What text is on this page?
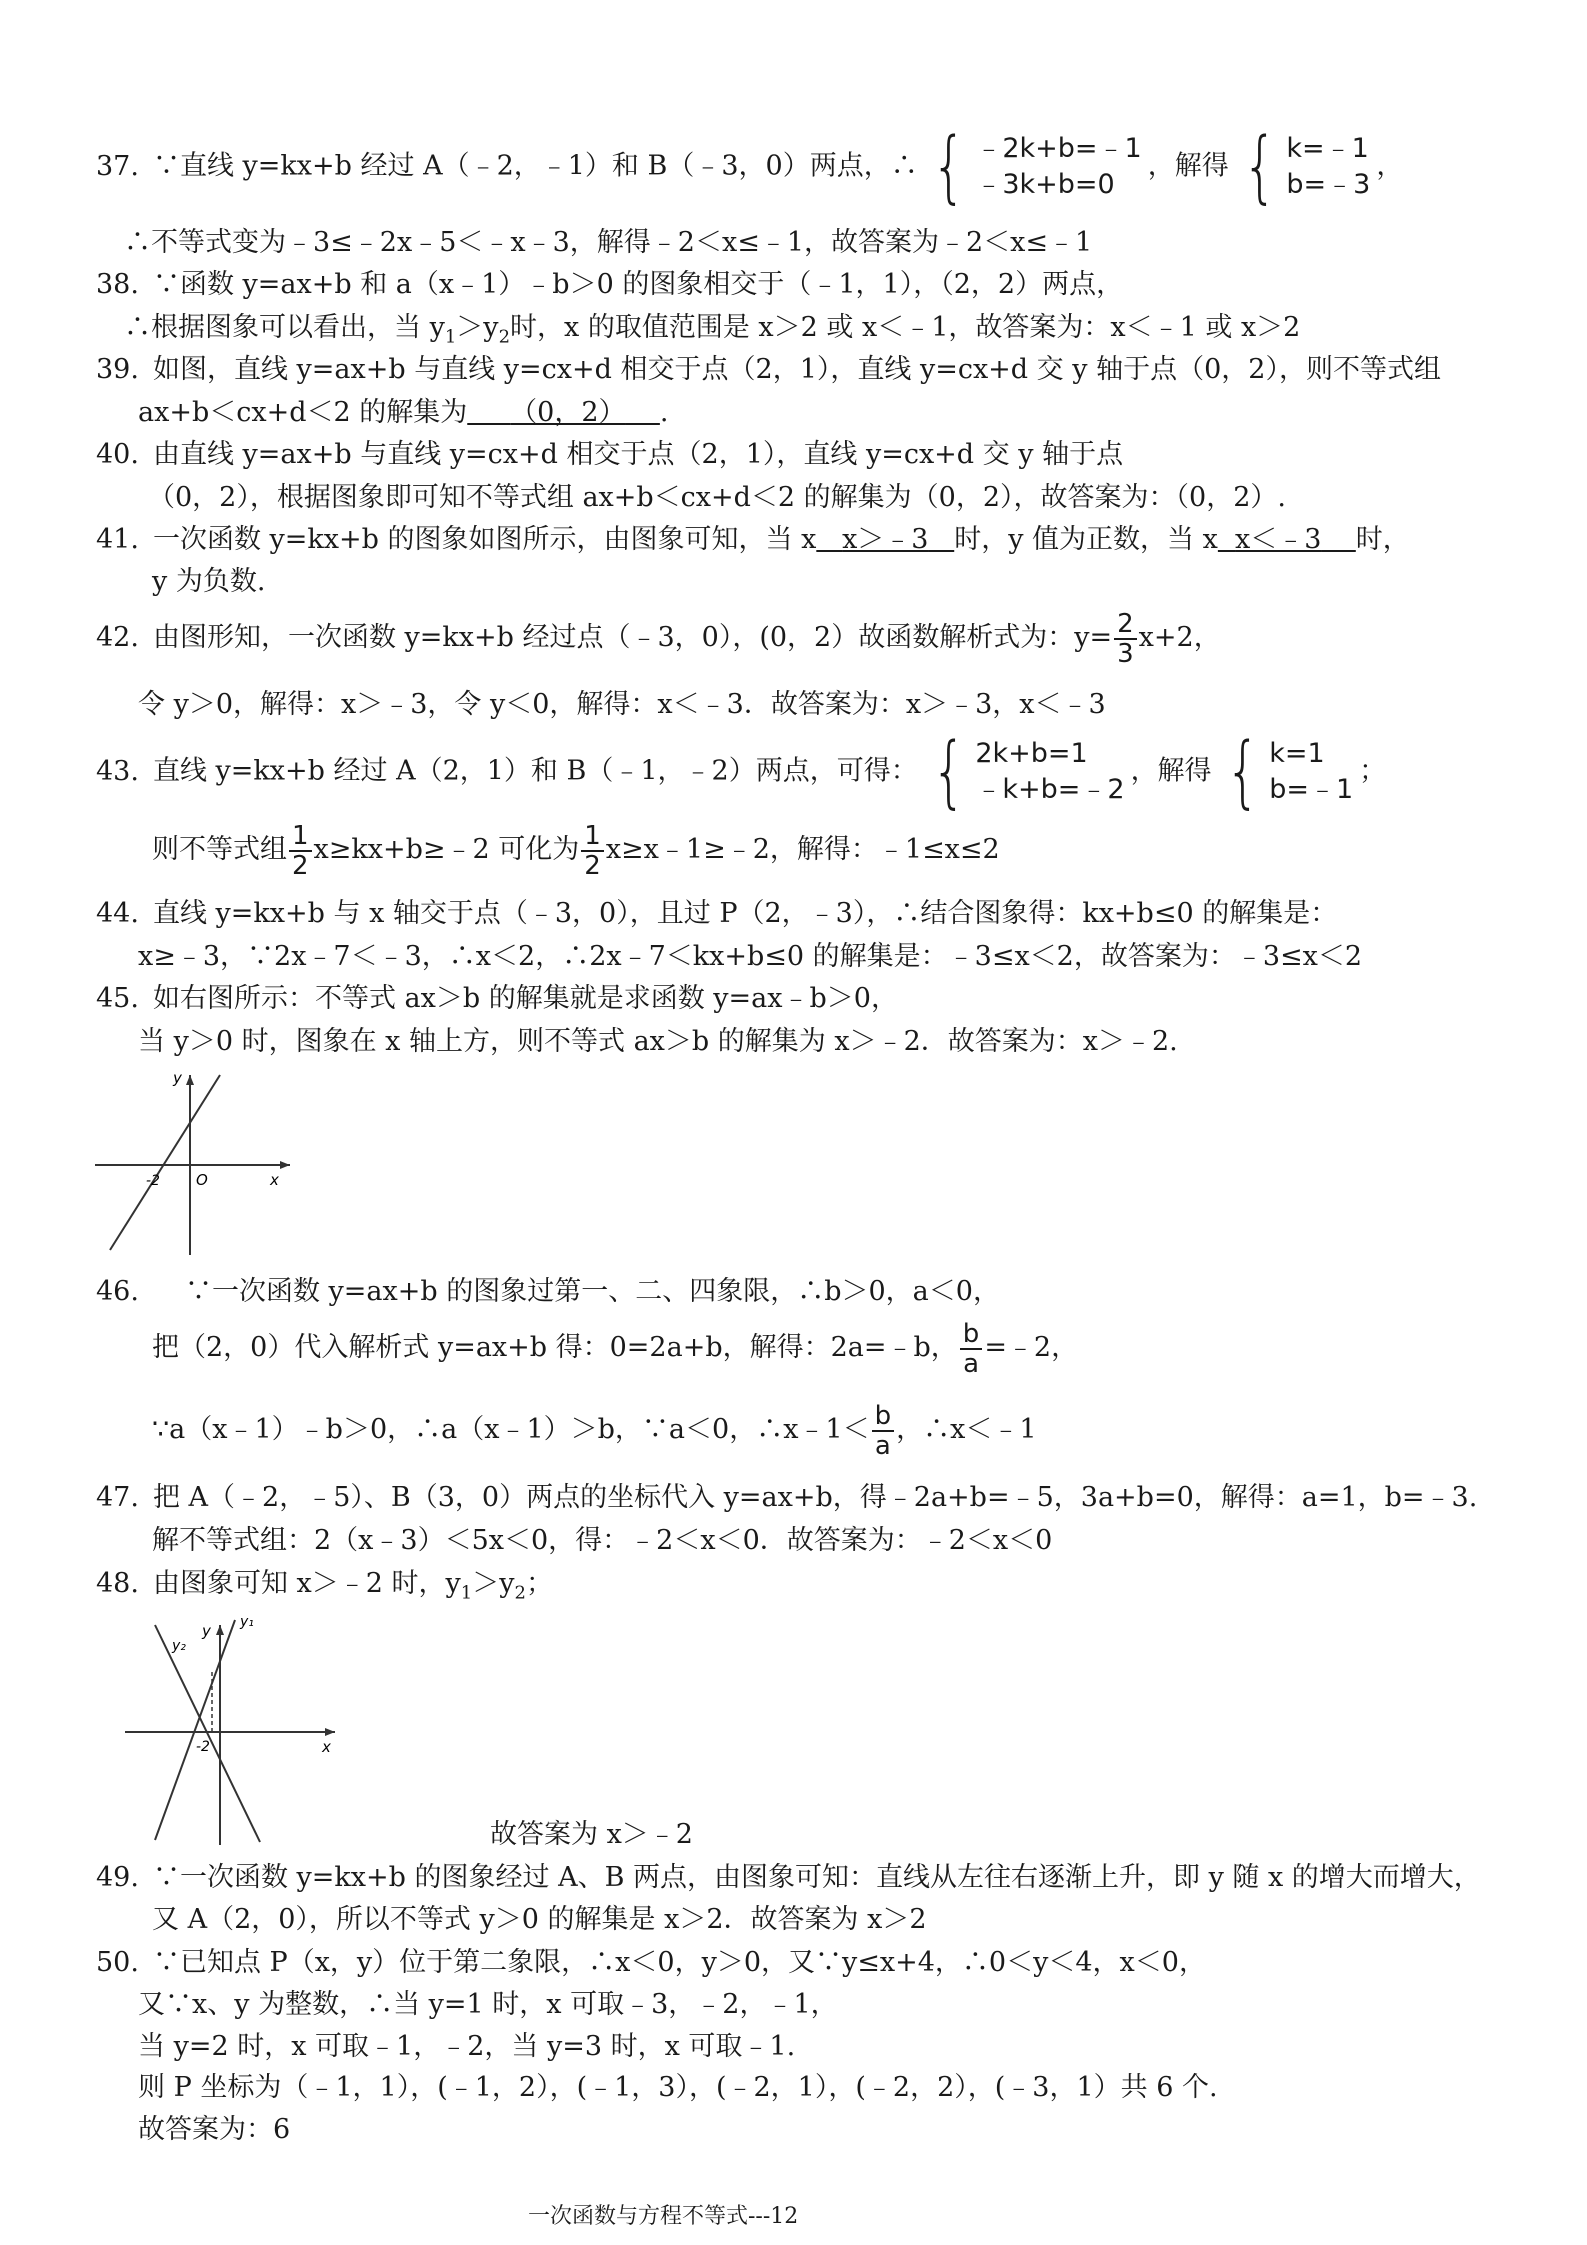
37. ∵直线 y=kx+b 经过 A（﹣2，﹣1）和 B（﹣3，0）两点，∴ { ﹣2k+b=﹣1
﹣3k+b=0
，解得 { k=﹣1
b=﹣3
，
∴不等式变为﹣3≤﹣2x﹣5＜﹣x﹣3，解得﹣2＜x≤﹣1，故答案为﹣2＜x≤﹣1
38. ∵函数 y=ax+b 和 a（x﹣1）﹣b＞0 的图象相交于（﹣1，1），（2，2）两点，
∴根据图象可以看出，当 $y_1>y_2$时，x 的取值范围是 x＞2 或 x＜﹣1，故答案为：x＜﹣1 或 x＞2
39. 如图，直线 y=ax+b 与直线 y=cx+d 相交于点（2，1），直线 y=cx+d 交 y 轴于点（0，2），则不等式组
ax+b＜cx+d＜2 的解集为 （0，2） .
40. 由直线 y=ax+b 与直线 y=cx+d 相交于点（2，1），直线 y=cx+d 交 y 轴于点
（0，2），根据图象即可知不等式组 ax+b＜cx+d＜2 的解集为（0，2），故答案为：（0，2）.
41. 一次函数 y=kx+b 的图象如图所示，由图象可知，当 x x＞﹣3 时，y 值为正数，当 x x＜﹣3 时，
y 为负数.
42. 由图形知，一次函数 y=kx+b 经过点（﹣3，0），(0，2）故函数解析式为：$y= \frac{2}{3} x+2$，
令 y＞0，解得：x＞﹣3，令 y＜0，解得：x＜﹣3．故答案为：x＞﹣3，x＜﹣3
43. 直线 y=kx+b 经过 A（2，1）和 B（﹣1，﹣2）两点，可得： { 2k+b=1
﹣k+b=﹣2
，解得 { k=1
b=﹣1
；
则不等式组 $\frac{1}{2}$ x≥kx+b≥﹣2 可化为 $\frac{1}{2}$ x≥x﹣1≥﹣2，解得：﹣1≤x≤2
44. 直线 y=kx+b 与 x 轴交于点（﹣3，0），且过 P（2，﹣3），∴结合图象得：kx+b≤0 的解集是：
x≥﹣3，∵2x﹣7＜﹣3，∴x＜2，∴2x﹣7＜kx+b≤0 的解集是：﹣3≤x＜2，故答案为：﹣3≤x＜2
45. 如右图所示：不等式 ax＞b 的解集就是求函数 y=ax﹣b＞0，
当 y＞0 时，图象在 x 轴上方，则不等式 ax＞b 的解集为 x＞﹣2．故答案为：x＞﹣2.
y
x
O
-2
46. ∵一次函数 y=ax+b 的图象过第一、二、四象限，∴b＞0，a＜0，
把（2，0）代入解析式 y=ax+b 得：0=2a+b，解得：2a=﹣b， $\frac{b}{a}$ =﹣2，
∵a（x﹣1）﹣b＞0，∴a（x﹣1）＞b，∵a＜0，∴x﹣1＜ $\frac{b}{a}$ ，∴x＜﹣1
47. 把 A（﹣2，﹣5）、B（3，0）两点的坐标代入 y=ax+b，得﹣2a+b=﹣5，3a+b=0，解得：a=1，b=﹣3.
解不等式组：2（x﹣3）＜5x＜0，得：﹣2＜x＜0．故答案为：﹣2＜x＜0
48. 由图象可知 x＞﹣2 时，$y_1>y_2$；
y₁
y₂
y
x
-2
故答案为 x＞﹣2
49. ∵一次函数 y=kx+b 的图象经过 A、B 两点，由图象可知：直线从左往右逐渐上升，即 y 随 x 的增大而增大，
又 A（2，0），所以不等式 y＞0 的解集是 x＞2．故答案为 x＞2
50. ∵已知点 P（x，y）位于第二象限，∴x＜0，y＞0，又∵y≤x+4，∴0＜y＜4，x＜0，
又∵x、y 为整数，∴当 y=1 时，x 可取﹣3，﹣2，﹣1，
当 y=2 时，x 可取﹣1，﹣2，当 y=3 时，x 可取﹣1.
则 P 坐标为（﹣1，1），(﹣1，2），(﹣1，3），(﹣2，1），(﹣2，2），(﹣3，1）共 6 个.
故答案为：6
一次函数与方程不等式---12
